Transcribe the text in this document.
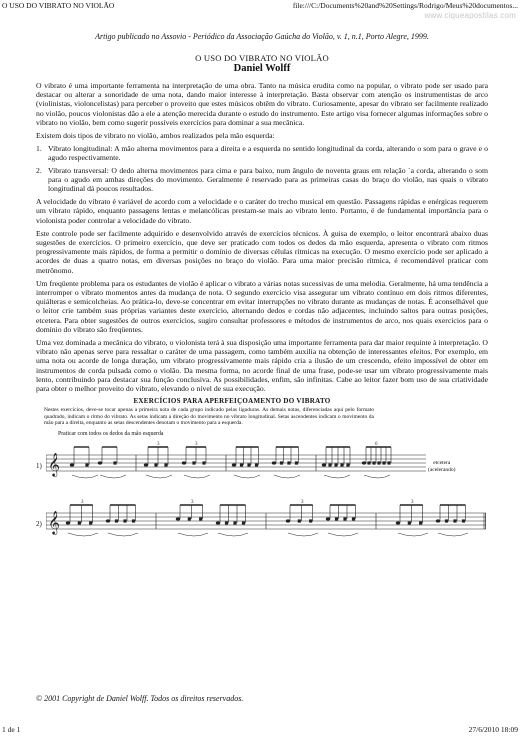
O USO DO VIBRATO NO VIOLÃO	file:///C:/Documents%20and%20Settings/Rodrigo/Meus%20documentos...
www.ciqueapostilas.com

Artigo publicado no Assovio - Periódico da Associação Gaúcha do Violão, v. 1, n.1, Porto Alegre, 1999.

O USO DO VIBRATO NO VIOLÃO

Daniel Wolff

O vibrato é uma importante ferramenta na interpretação de uma obra. Tanto na música erudita como na popular, o vibrato pode ser usado para destacar ou alterar a sonoridade de uma nota, dando maior interesse à interpretação. Basta observar com atenção os instrumentistas de arco (violinistas, violoncelistas) para perceber o proveito que estes músicos obtêm do vibrato. Curiosamente, apesar do vibrato ser facilmente realizado no violão, poucos violonistas dão a ele a atenção merecida durante o estudo do instrumento. Este artigo visa fornecer algumas informações sobre o vibrato no violão, bem como sugerir possíveis exercícios para dominar a sua mecânica.

Existem dois tipos de vibrato no violão, ambos realizados pela mão esquerda:

1. Vibrato longitudinal: A mão alterna movimentos para a direita e a esquerda no sentido longitudinal da corda, alterando o som para o grave e o agudo respectivamente.
2. Vibrato transversal: O dedo alterna movimentos para cima e para baixo, num ângulo de noventa graus em relação `a corda, alterando o som para o agudo em ambas direções do movimento. Geralmente é reservado para as primeiras casas do braço do violão, nas quais o vibrato longitudinal dá poucos resultados.

A velocidade do vibrato é variável de acordo com a velocidade e o caráter do trecho musical em questão. Passagens rápidas e enérgicas requerem um vibrato rápido, enquanto passagens lentas e melancólicas prestam-se mais ao vibrato lento. Portanto, é de fundamental importância para o violonista poder controlar a velocidade do vibrato.

Este controle pode ser facilmente adquirido e desenvolvido através de exercícios técnicos. À guisa de exemplo, o leitor encontrará abaixo duas sugestões de exercícios. O primeiro exercício, que deve ser praticado com todos os dedos da mão esquerda, apresenta o vibrato com ritmos progressivamente mais rápidos, de forma a permitir o domínio de diversas células rítmicas na execução. O mesmo exercício pode ser aplicado a acordes de duas a quatro notas, em diversas posições no braço do violão. Para uma maior precisão rítmica, é recomendável praticar com metrônomo.

Um freqüente problema para os estudantes de violão é aplicar o vibrato a várias notas sucessivas de uma melodia. Geralmente, há uma tendência a interromper o vibrato momentos antes da mudança de nota. O segundo exercício visa assegurar um vibrato contínuo em dois ritmos diferentes, quiálteras e semicolcheias. Ao prática-lo, deve-se concentrar em evitar interrupções no vibrato durante as mudanças de notas. É aconselhável que o leitor crie também suas próprias variantes deste exercício, alternando dedos e cordas não adjacentes, incluindo saltos para outras posições, etcetera. Para obter sugestões de outros exercícios, sugiro consultar professores e métodos de instrumentos de arco, nos quais exercícios para o domínio do vibrato são freqüentes.

Uma vez dominada a mecânica do vibrato, o violonista terá à sua disposição uma importante ferramenta para dar maior requinte à interpretação. O vibrato não apenas serve para ressaltar o caráter de uma passagem, como também auxilia na obtenção de interessantes efeitos. Por exemplo, em uma nota ou acorde de longa duração, um vibrato progressivamente mais rápido cria a ilusão de um crescendo, efeito impossível de obter em instrumentos de corda pulsada como o violão. Da mesma forma, no acorde final de uma frase, pode-se usar um vibrato progressivamente mais lento, contribuindo para destacar sua função conclusiva. As possibilidades, enfim, são infinitas. Cabe ao leitor fazer bom uso de sua criatividade para obter o melhor proveito do vibrato, elevando o nível de sua execução.

EXERCÍCIOS PARA APERFEIÇOAMENTO DO VIBRATO
Nestes exercícios, deve-se tocar apenas a primeira nota de cada grupo indicado pelas ligaduras. As demais notas, diferenciadas aqui pelo formato quadrado, indicam o ritmo do vibrato. As setas indicam a direção do movimento no vibrato longitudinal. Setas ascendentes indicam o movimento da mão para a direita, enquanto as setas descendentes denotam o movimento para a esquerda.
Praticar com todos os dedos da mão esquerda
1) 𝄞
3	3	6
etcetera
(acelerando)
2) 𝄞
3	3	3	3
© 2001 Copyright de Daniel Wolff. Todos os direitos reservados.
1 de 1	27/6/2010 18:09
